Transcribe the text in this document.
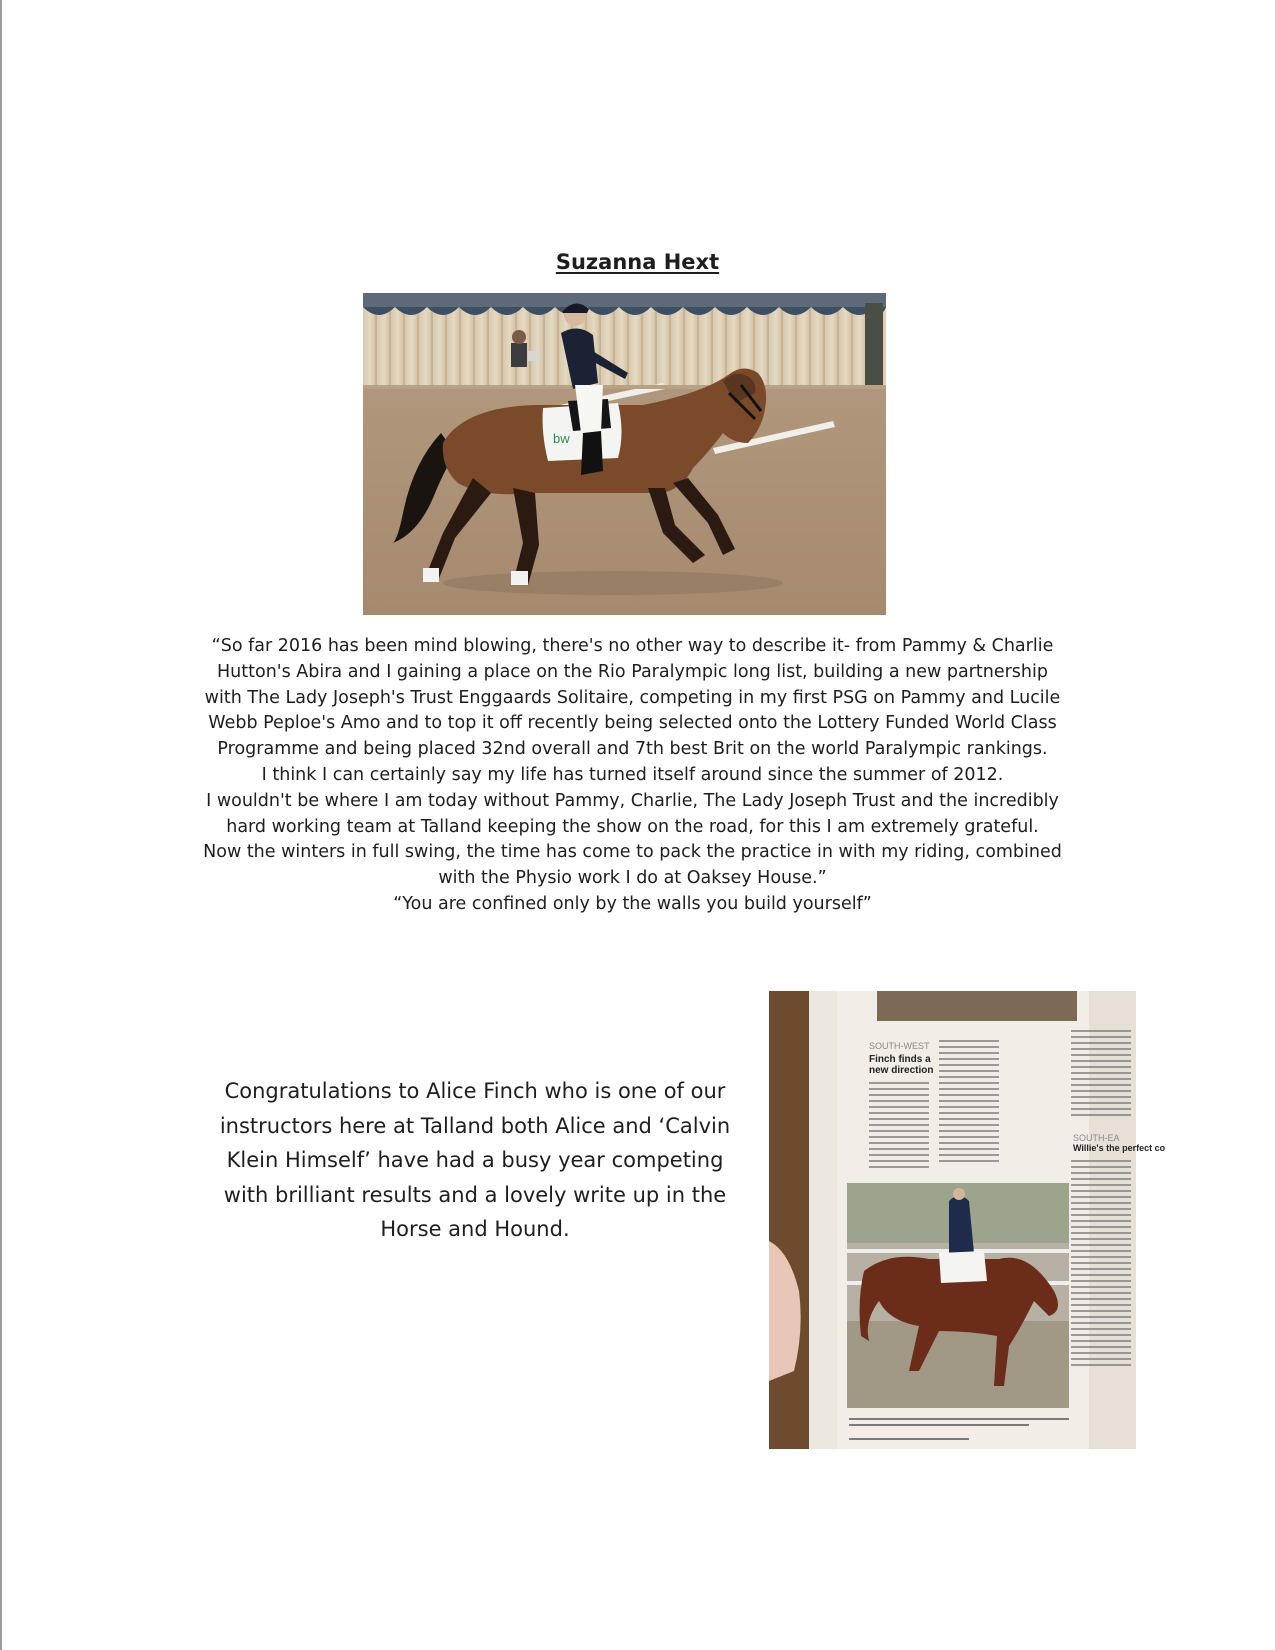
Suzanna Hext
bw

“So far 2016 has been mind blowing, there's no other way to describe it- from Pammy & Charlie Hutton's Abira and I gaining a place on the Rio Paralympic long list, building a new partnership with The Lady Joseph's Trust Enggaards Solitaire, competing in my first PSG on Pammy and Lucile Webb Peploe's Amo and to top it off recently being selected onto the Lottery Funded World Class Programme and being placed 32nd overall and 7th best Brit on the world Paralympic rankings.

I think I can certainly say my life has turned itself around since the summer of 2012.

I wouldn't be where I am today without Pammy, Charlie, The Lady Joseph Trust and the incredibly hard working team at Talland keeping the show on the road, for this I am extremely grateful.

Now the winters in full swing, the time has come to pack the practice in with my riding, combined with the Physio work I do at Oaksey House.”

“You are confined only by the walls you build yourself”

Congratulations to Alice Finch who is one of our instructors here at Talland both Alice and ‘Calvin Klein Himself’ have had a busy year competing with brilliant results and a lovely write up in the Horse and Hound.
SOUTH-WEST
Finch finds a
new direction
SOUTH-EA
Willie's the perfect co
